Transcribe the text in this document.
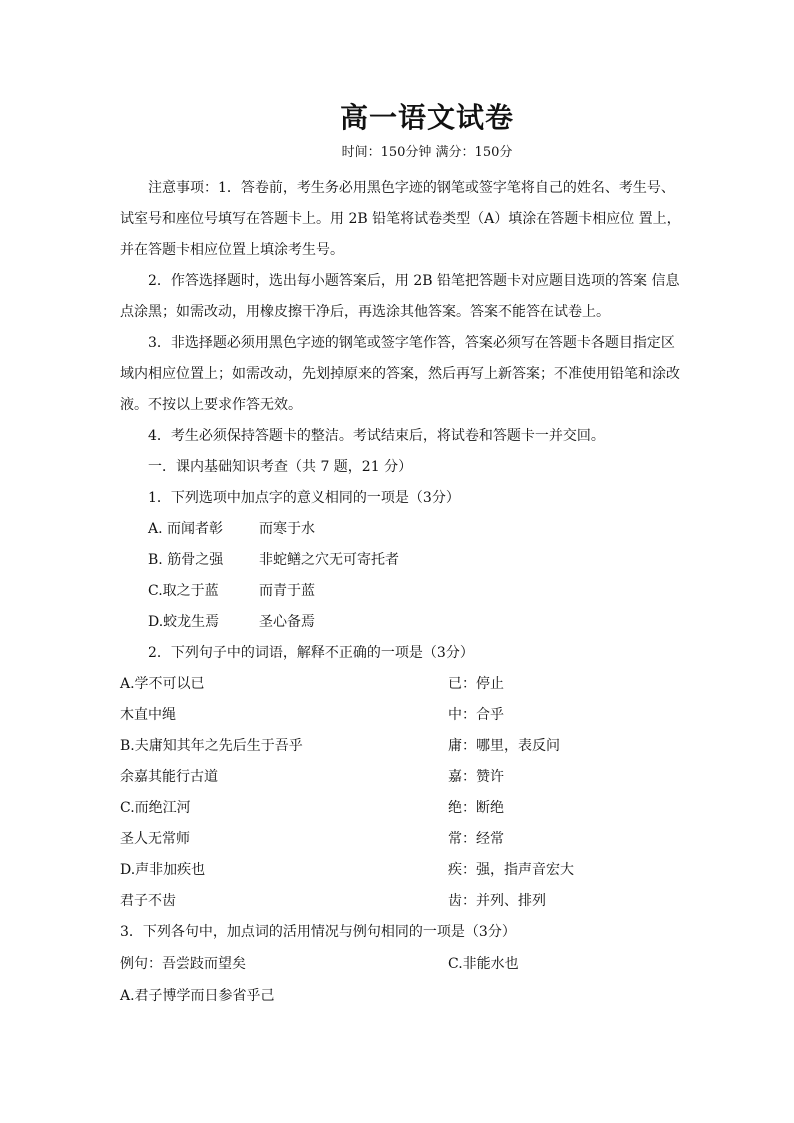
高一语文试卷
时间：150分钟 满分：150分
注意事项：1．答卷前，考生务必用黑色字迹的钢笔或签字笔将自己的姓名、考生号、
试室号和座位号填写在答题卡上。用 2B 铅笔将试卷类型（A）填涂在答题卡相应位 置上，
并在答题卡相应位置上填涂考生号。
2．作答选择题时，选出每小题答案后，用 2B 铅笔把答题卡对应题目选项的答案 信息
点涂黑；如需改动，用橡皮擦干净后，再选涂其他答案。答案不能答在试卷上。
3．非选择题必须用黑色字迹的钢笔或签字笔作答，答案必须写在答题卡各题目指定区
域内相应位置上；如需改动，先划掉原来的答案，然后再写上新答案；不准使用铅笔和涂改
液。不按以上要求作答无效。
4．考生必须保持答题卡的整洁。考试结束后，将试卷和答题卡一并交回。
一．课内基础知识考查（共 7 题，21 分）
1．下列选项中加点字的意义相同的一项是（3分）
A. 而闻者彰	而寒于水
B. 筋骨之强	非蛇鳝之穴无可寄托者
C.取之于蓝	而青于蓝
D.蛟龙生焉	圣心备焉
2．下列句子中的词语，解释不正确的一项是（3分）
A.学不可以已	已：停止
木直中绳	中：合乎
B.夫庸知其年之先后生于吾乎	庸：哪里，表反问
余嘉其能行古道	嘉：赞许
C.而绝江河	绝：断绝
圣人无常师	常：经常
D.声非加疾也	疾：强，指声音宏大
君子不齿	齿：并列、排列
3．下列各句中，加点词的活用情况与例句相同的一项是（3分）
例句：吾尝跂而望矣	C.非能水也
A.君子博学而日参省乎己
